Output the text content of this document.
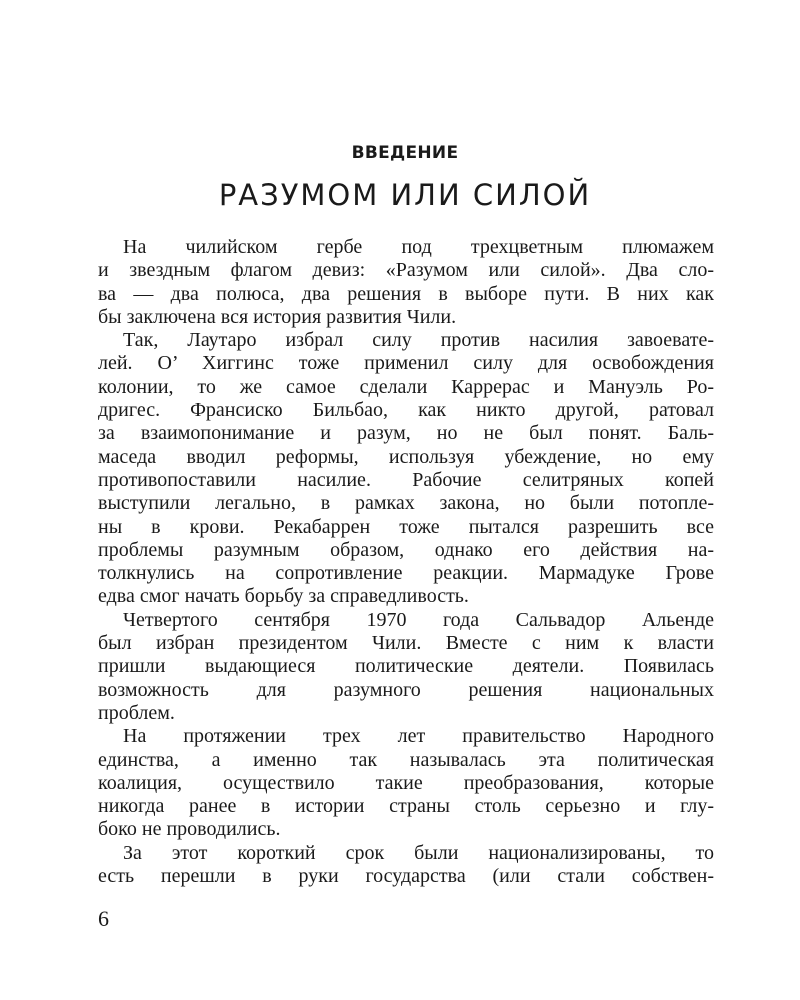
ВВЕДЕНИЕ
РАЗУМОМ ИЛИ СИЛОЙ
На чилийском гербе под трехцветным плюмажем
и звездным флагом девиз: «Разумом или силой». Два сло-
ва — два полюса, два решения в выборе пути. В них как
бы заключена вся история развития Чили.
Так, Лаутаро избрал силу против насилия завоевате-
лей. О’ Хиггинс тоже применил силу для освобождения
колонии, то же самое сделали Каррерас и Мануэль Ро-
дригес. Франсиско Бильбао, как никто другой, ратовал
за взаимопонимание и разум, но не был понят. Баль-
маседа вводил реформы, используя убеждение, но ему
противопоставили насилие. Рабочие селитряных копей
выступили легально, в рамках закона, но были потопле-
ны в крови. Рекабаррен тоже пытался разрешить все
проблемы разумным образом, однако его действия на-
толкнулись на сопротивление реакции. Мармадуке Грове
едва смог начать борьбу за справедливость.
Четвертого сентября 1970 года Сальвадор Альенде
был избран президентом Чили. Вместе с ним к власти
пришли выдающиеся политические деятели. Появилась
возможность для разумного решения национальных
проблем.
На протяжении трех лет правительство Народного
единства, а именно так называлась эта политическая
коалиция, осуществило такие преобразования, которые
никогда ранее в истории страны столь серьезно и глу-
боко не проводились.
За этот короткий срок были национализированы, то
есть перешли в руки государства (или стали собствен-
6
